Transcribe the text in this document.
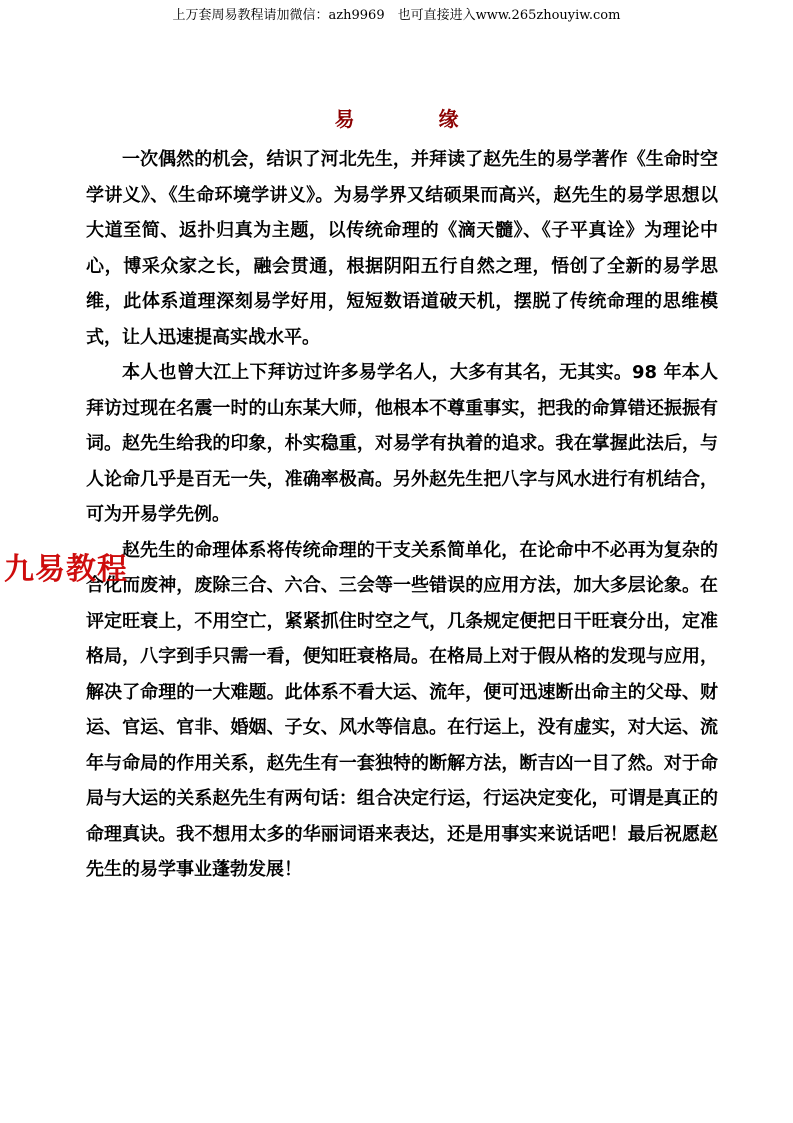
上万套周易教程请加微信：azh9969　也可直接进入www.265zhouyiw.com
易　缘

一次偶然的机会，结识了河北先生，并拜读了赵先生的易学著作《生命时空学讲义》、《生命环境学讲义》。为易学界又结硕果而高兴，赵先生的易学思想以大道至简、返扑归真为主题，以传统命理的《滴天髓》、《子平真诠》为理论中心，博采众家之长，融会贯通，根据阴阳五行自然之理，悟创了全新的易学思维，此体系道理深刻易学好用，短短数语道破天机，摆脱了传统命理的思维模式，让人迅速提高实战水平。

本人也曾大江上下拜访过许多易学名人，大多有其名，无其实。98 年本人拜访过现在名震一时的山东某大师，他根本不尊重事实，把我的命算错还振振有词。赵先生给我的印象，朴实稳重，对易学有执着的追求。我在掌握此法后，与人论命几乎是百无一失，准确率极高。另外赵先生把八字与风水进行有机结合，可为开易学先例。

赵先生的命理体系将传统命理的干支关系简单化，在论命中不必再为复杂的合化而废神，废除三合、六合、三会等一些错误的应用方法，加大多层论象。在评定旺衰上，不用空亡，紧紧抓住时空之气，几条规定便把日干旺衰分出，定准格局，八字到手只需一看，便知旺衰格局。在格局上对于假从格的发现与应用，解决了命理的一大难题。此体系不看大运、流年，便可迅速断出命主的父母、财运、官运、官非、婚姻、子女、风水等信息。在行运上，没有虚实，对大运、流年与命局的作用关系，赵先生有一套独特的断解方法，断吉凶一目了然。对于命局与大运的关系赵先生有两句话：组合决定行运，行运决定变化，可谓是真正的命理真诀。我不想用太多的华丽词语来表达，还是用事实来说话吧！最后祝愿赵先生的易学事业蓬勃发展！

九易教程
